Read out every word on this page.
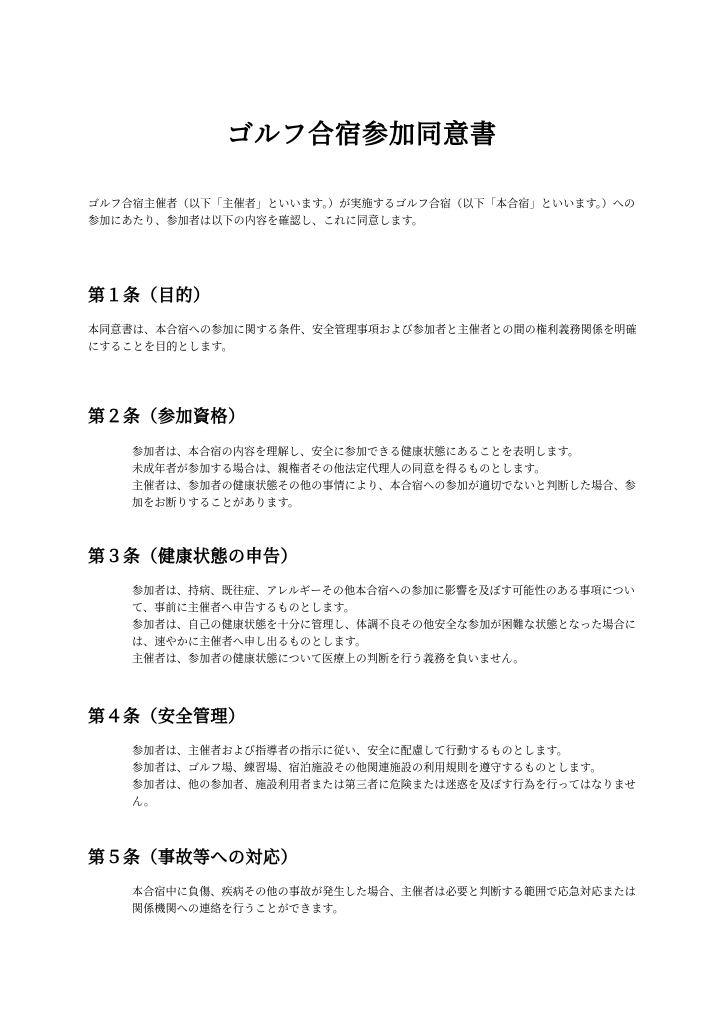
ゴルフ合宿参加同意書

ゴルフ合宿主催者（以下「主催者」といいます。）が実施するゴルフ合宿（以下「本合宿」といいます。）への参加にあたり、参加者は以下の内容を確認し、これに同意します。

第１条（目的）

本同意書は、本合宿への参加に関する条件、安全管理事項および参加者と主催者との間の権利義務関係を明確にすることを目的とします。

第２条（参加資格）

参加者は、本合宿の内容を理解し、安全に参加できる健康状態にあることを表明します。

未成年者が参加する場合は、親権者その他法定代理人の同意を得るものとします。

主催者は、参加者の健康状態その他の事情により、本合宿への参加が適切でないと判断した場合、参加をお断りすることがあります。

第３条（健康状態の申告）

参加者は、持病、既往症、アレルギーその他本合宿への参加に影響を及ぼす可能性のある事項について、事前に主催者へ申告するものとします。

参加者は、自己の健康状態を十分に管理し、体調不良その他安全な参加が困難な状態となった場合には、速やかに主催者へ申し出るものとします。

主催者は、参加者の健康状態について医療上の判断を行う義務を負いません。

第４条（安全管理）

参加者は、主催者および指導者の指示に従い、安全に配慮して行動するものとします。

参加者は、ゴルフ場、練習場、宿泊施設その他関連施設の利用規則を遵守するものとします。

参加者は、他の参加者、施設利用者または第三者に危険または迷惑を及ぼす行為を行ってはなりません。

第５条（事故等への対応）

本合宿中に負傷、疾病その他の事故が発生した場合、主催者は必要と判断する範囲で応急対応または関係機関への連絡を行うことができます。
